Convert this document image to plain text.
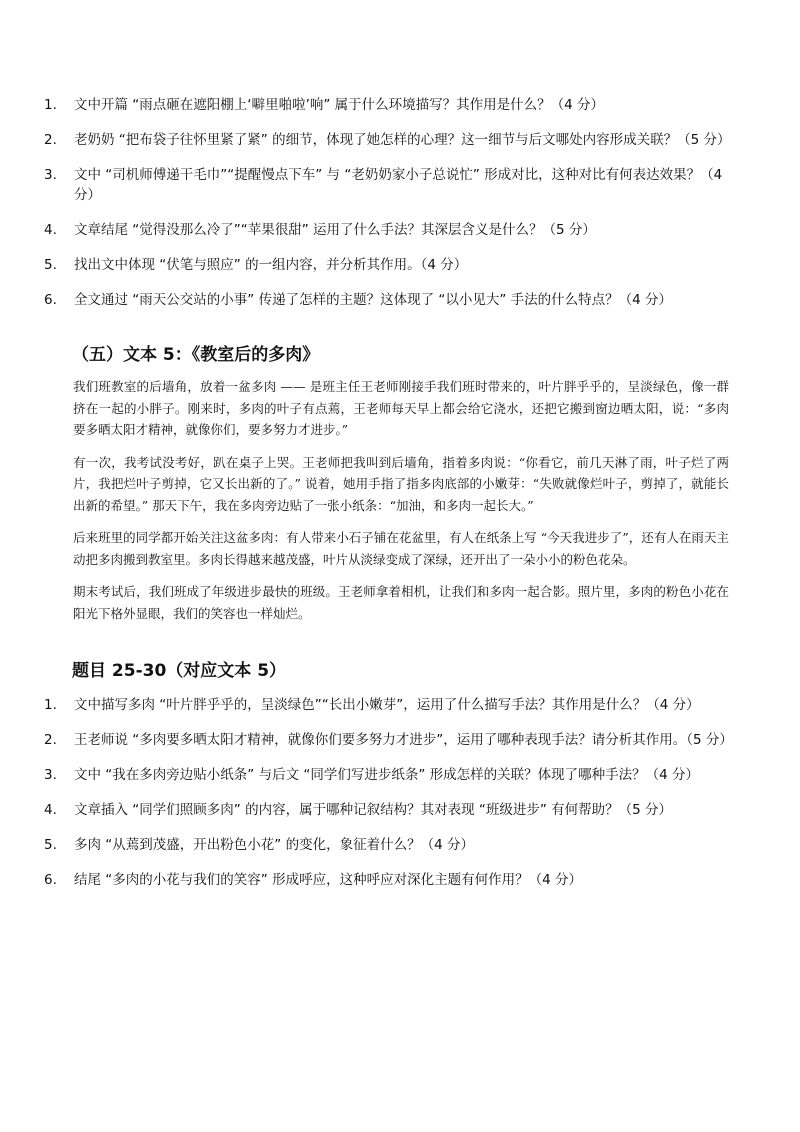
1. 文中开篇 “雨点砸在遮阳棚上‘噼里啪啦’响” 属于什么环境描写？其作用是什么？（4 分）
2. 老奶奶 “把布袋子往怀里紧了紧” 的细节，体现了她怎样的心理？这一细节与后文哪处内容形成关联？（5 分）
3. 文中 “司机师傅递干毛巾”“提醒慢点下车” 与 “老奶奶家小子总说忙” 形成对比，这种对比有何表达效果？（4 分）
4. 文章结尾 “觉得没那么冷了”“苹果很甜” 运用了什么手法？其深层含义是什么？（5 分）
5. 找出文中体现 “伏笔与照应” 的一组内容，并分析其作用。（4 分）
6. 全文通过 “雨天公交站的小事” 传递了怎样的主题？这体现了 “以小见大” 手法的什么特点？（4 分）
（五）文本 5：《教室后的多肉》

我们班教室的后墙角，放着一盆多肉 —— 是班主任王老师刚接手我们班时带来的，叶片胖乎乎的，呈淡绿色，像一群挤在一起的小胖子。刚来时，多肉的叶子有点蔫，王老师每天早上都会给它浇水，还把它搬到窗边晒太阳，说：“多肉要多晒太阳才精神，就像你们，要多努力才进步。”

有一次，我考试没考好，趴在桌子上哭。王老师把我叫到后墙角，指着多肉说：“你看它，前几天淋了雨，叶子烂了两片，我把烂叶子剪掉，它又长出新的了。” 说着，她用手指了指多肉底部的小嫩芽：“失败就像烂叶子，剪掉了，就能长出新的希望。” 那天下午，我在多肉旁边贴了一张小纸条：“加油，和多肉一起长大。”

后来班里的同学都开始关注这盆多肉：有人带来小石子铺在花盆里，有人在纸条上写 “今天我进步了”，还有人在雨天主动把多肉搬到教室里。多肉长得越来越茂盛，叶片从淡绿变成了深绿，还开出了一朵小小的粉色花朵。

期末考试后，我们班成了年级进步最快的班级。王老师拿着相机，让我们和多肉一起合影。照片里，多肉的粉色小花在阳光下格外显眼，我们的笑容也一样灿烂。

题目 25-30（对应文本 5）
1. 文中描写多肉 “叶片胖乎乎的，呈淡绿色”“长出小嫩芽”，运用了什么描写手法？其作用是什么？（4 分）
2. 王老师说 “多肉要多晒太阳才精神，就像你们要多努力才进步”，运用了哪种表现手法？请分析其作用。（5 分）
3. 文中 “我在多肉旁边贴小纸条” 与后文 “同学们写进步纸条” 形成怎样的关联？体现了哪种手法？（4 分）
4. 文章插入 “同学们照顾多肉” 的内容，属于哪种记叙结构？其对表现 “班级进步” 有何帮助？（5 分）
5. 多肉 “从蔫到茂盛，开出粉色小花” 的变化，象征着什么？（4 分）
6. 结尾 “多肉的小花与我们的笑容” 形成呼应，这种呼应对深化主题有何作用？（4 分）
